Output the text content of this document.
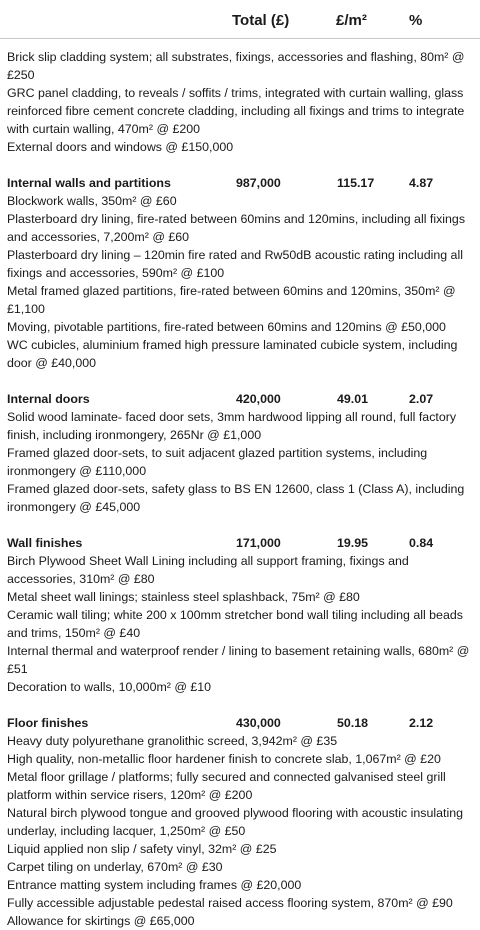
Total (£)	£/m²	%

Brick slip cladding system; all substrates, fixings, accessories and flashing, 80m² @ £250

GRC panel cladding, to reveals / soffits / trims, integrated with curtain walling, glass reinforced fibre cement concrete cladding, including all fixings and trims to integrate with curtain walling, 470m² @ £200

External doors and windows @ £150,000

Internal walls and partitions	987,000	115.17	4.87

Blockwork walls, 350m² @ £60

Plasterboard dry lining, fire-rated between 60mins and 120mins, including all fixings and accessories, 7,200m² @ £60

Plasterboard dry lining – 120min fire rated and Rw50dB acoustic rating including all fixings and accessories, 590m² @ £100

Metal framed glazed partitions, fire-rated between 60mins and 120mins, 350m² @ £1,100

Moving, pivotable partitions, fire-rated between 60mins and 120mins @ £50,000

WC cubicles, aluminium framed high pressure laminated cubicle system, including door @ £40,000

Internal doors	420,000	49.01	2.07

Solid wood laminate- faced door sets, 3mm hardwood lipping all round, full factory finish, including ironmongery, 265Nr @ £1,000

Framed glazed door-sets, to suit adjacent glazed partition systems, including ironmongery @ £110,000

Framed glazed door-sets, safety glass to BS EN 12600, class 1 (Class A), including ironmongery @ £45,000

Wall finishes	171,000	19.95	0.84

Birch Plywood Sheet Wall Lining including all support framing, fixings and accessories, 310m² @ £80

Metal sheet wall linings; stainless steel splashback, 75m² @ £80

Ceramic wall tiling; white 200 x 100mm stretcher bond wall tiling including all beads and trims, 150m² @ £40

Internal thermal and waterproof render / lining to basement retaining walls, 680m² @ £51

Decoration to walls, 10,000m² @ £10

Floor finishes	430,000	50.18	2.12

Heavy duty polyurethane granolithic screed, 3,942m² @ £35

High quality, non-metallic floor hardener finish to concrete slab, 1,067m² @ £20

Metal floor grillage / platforms; fully secured and connected galvanised steel grill platform within service risers, 120m² @ £200

Natural birch plywood tongue and grooved plywood flooring with acoustic insulating underlay, including lacquer, 1,250m² @ £50

Liquid applied non slip / safety vinyl, 32m² @ £25

Carpet tiling on underlay, 670m² @ £30

Entrance matting system including frames @ £20,000

Fully accessible adjustable pedestal raised access flooring system, 870m² @ £90

Allowance for skirtings @ £65,000
